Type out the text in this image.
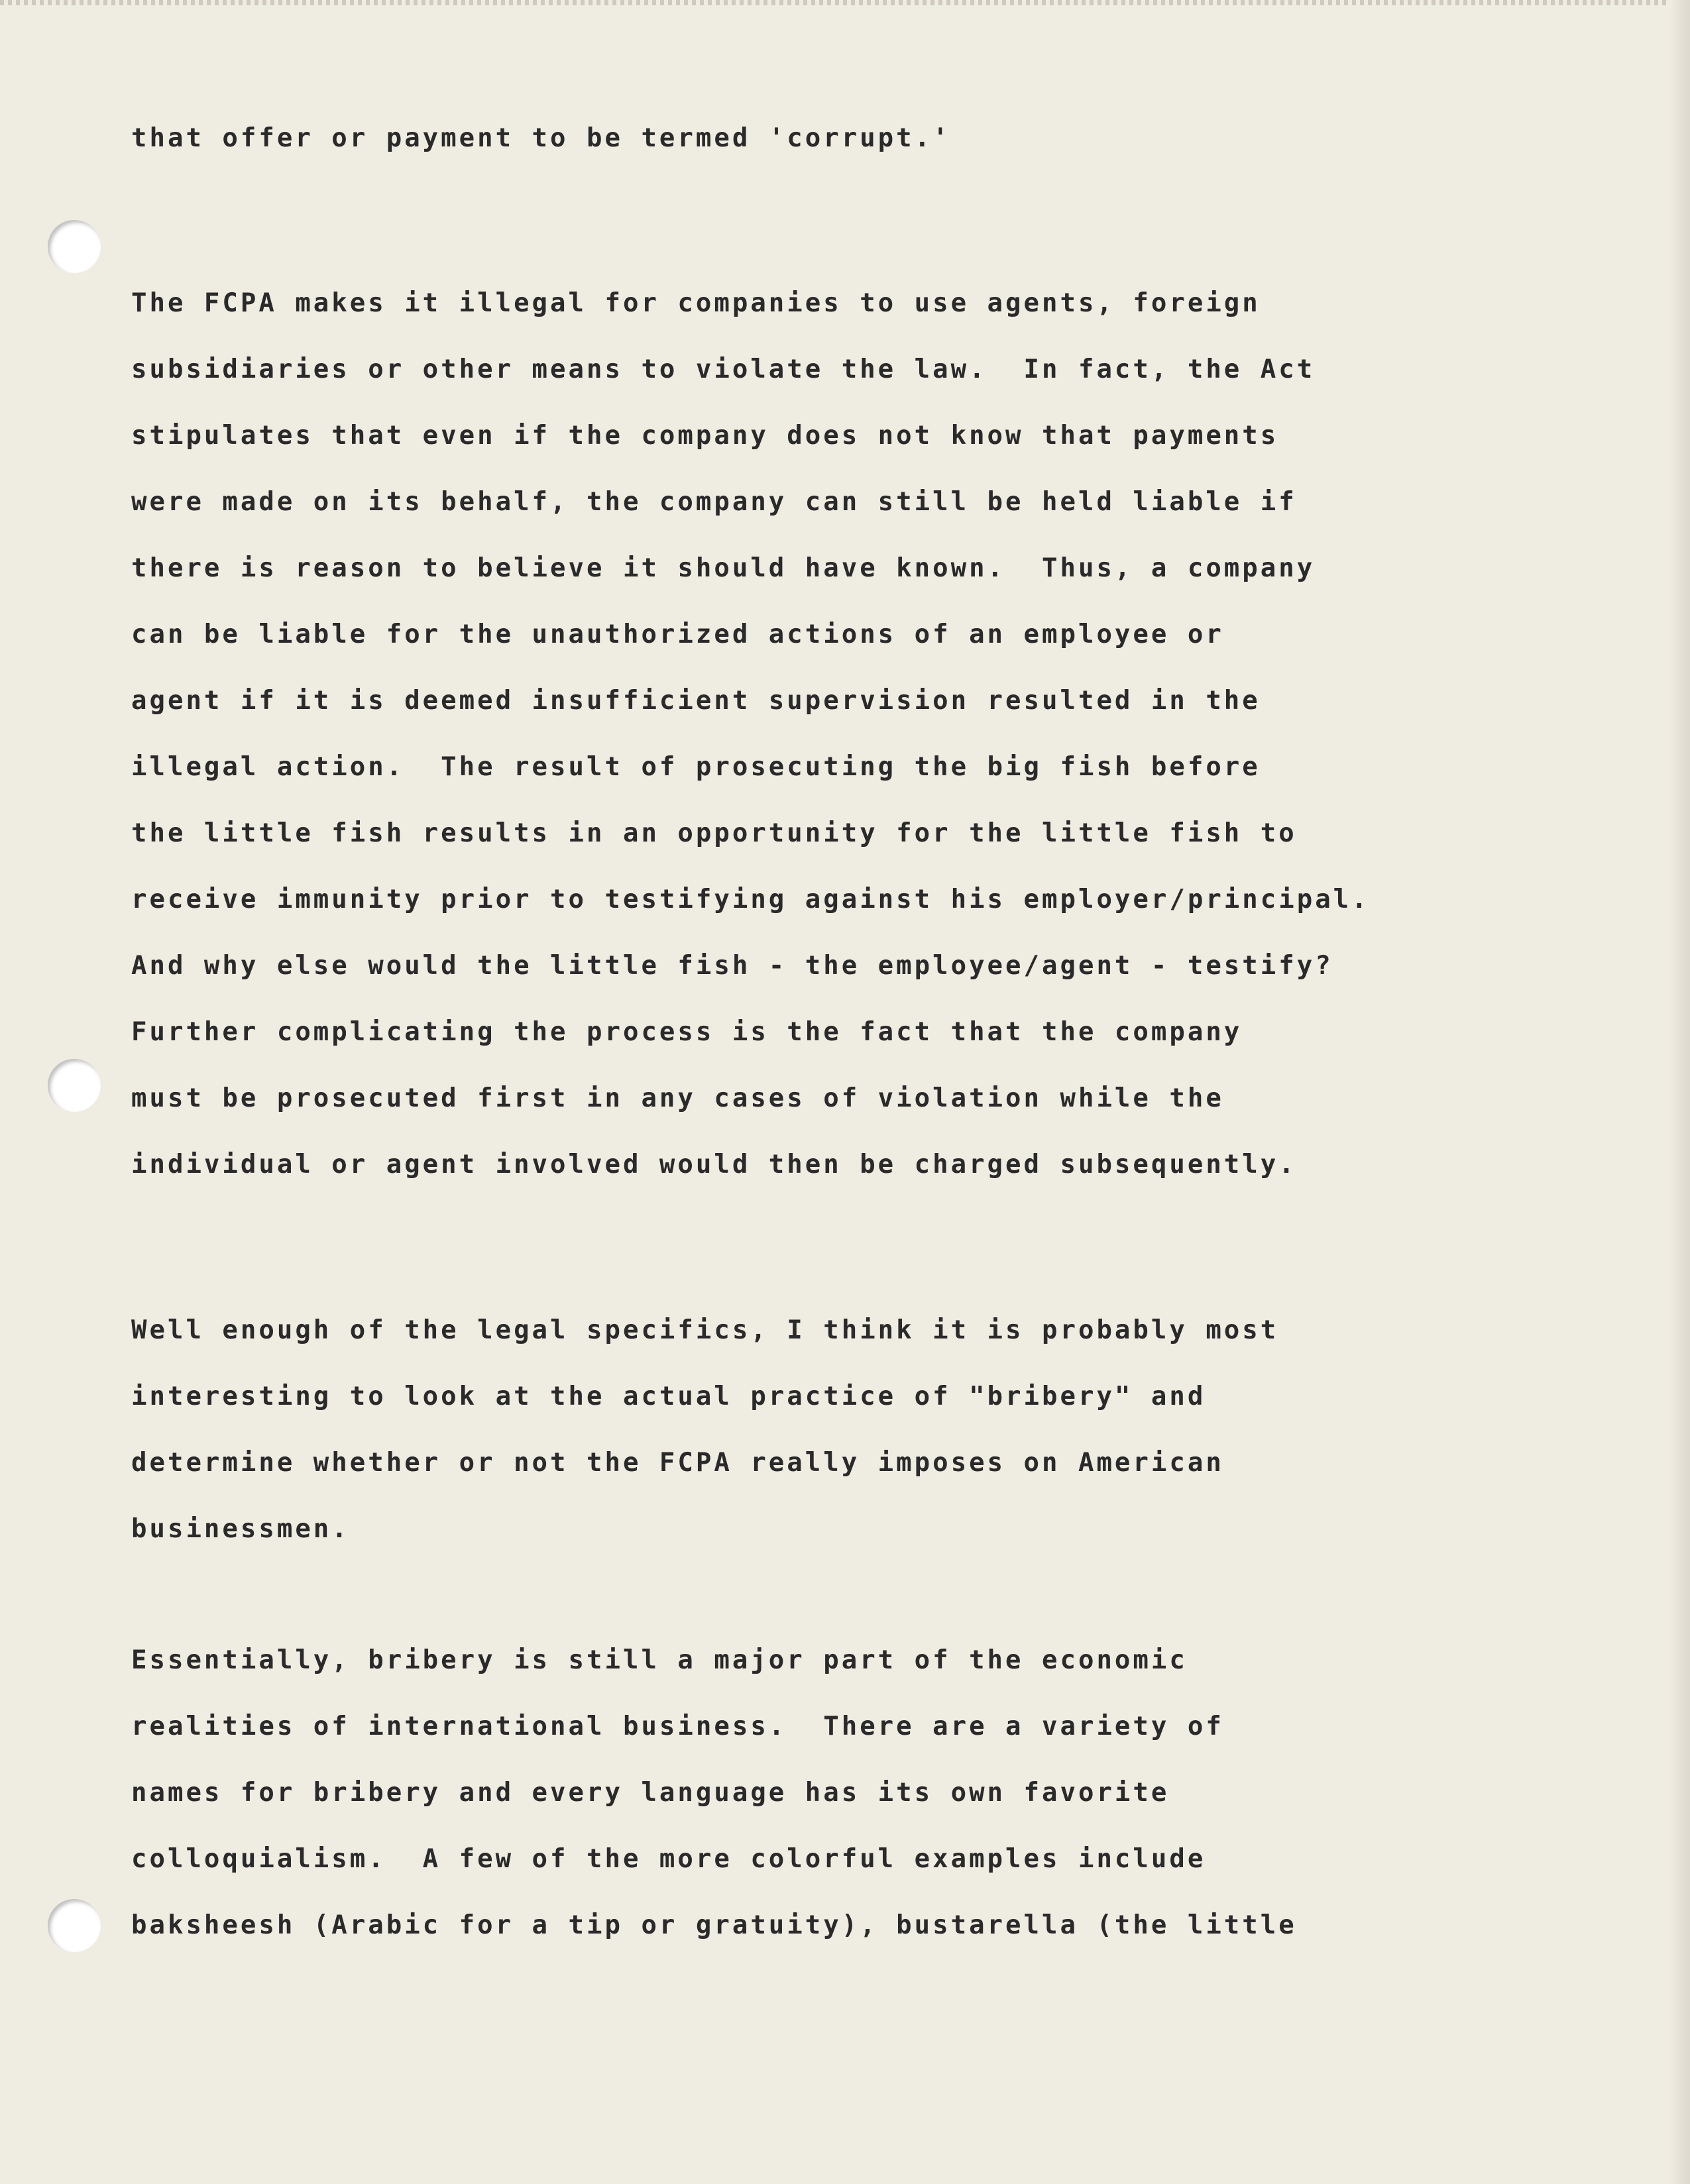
that offer or payment to be termed 'corrupt.'

The FCPA makes it illegal for companies to use agents, foreign

subsidiaries or other means to violate the law.  In fact, the Act

stipulates that even if the company does not know that payments

were made on its behalf, the company can still be held liable if

there is reason to believe it should have known.  Thus, a company

can be liable for the unauthorized actions of an employee or

agent if it is deemed insufficient supervision resulted in the

illegal action.  The result of prosecuting the big fish before

the little fish results in an opportunity for the little fish to

receive immunity prior to testifying against his employer/principal.

And why else would the little fish - the employee/agent - testify?

Further complicating the process is the fact that the company

must be prosecuted first in any cases of violation while the

individual or agent involved would then be charged subsequently.

Well enough of the legal specifics, I think it is probably most

interesting to look at the actual practice of "bribery" and

determine whether or not the FCPA really imposes on American

businessmen.

Essentially, bribery is still a major part of the economic

realities of international business.  There are a variety of

names for bribery and every language has its own favorite

colloquialism.  A few of the more colorful examples include

baksheesh (Arabic for a tip or gratuity), bustarella (the little
